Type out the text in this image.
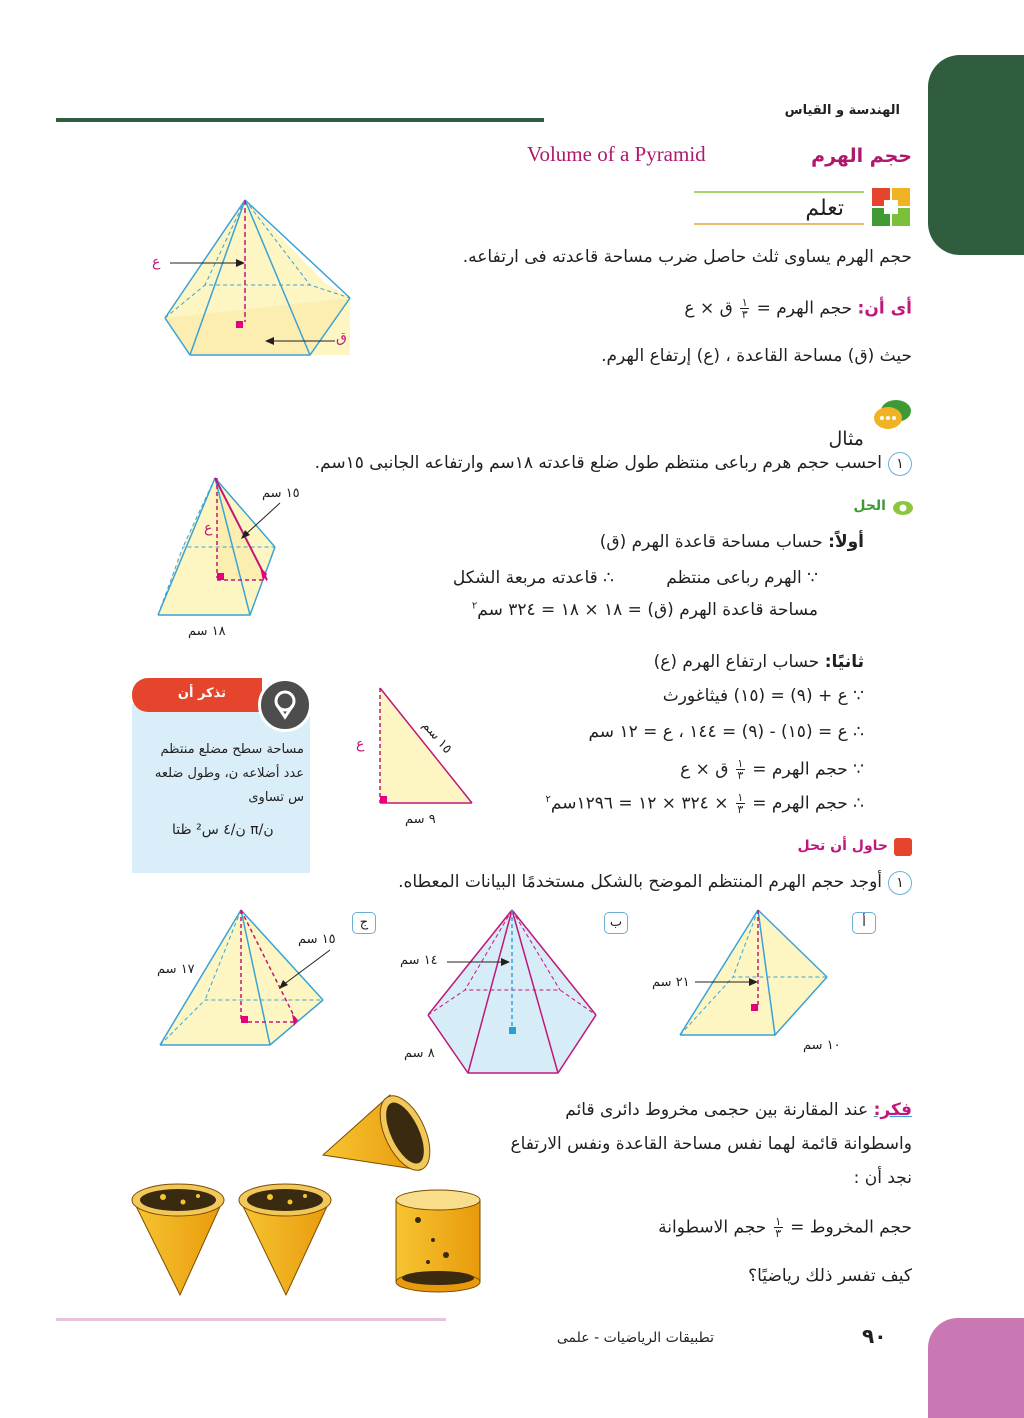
الهندسة و القياس
حجم الهرم
Volume of a Pyramid
تعلم
حجم الهرم يساوى ثلث حاصل ضرب مساحة قاعدته فى ارتفاعه.
أى أن: حجم الهرم =
$\frac{١}{٣}$
ق × ع
حيث (ق) مساحة القاعدة ، (ع) إرتفاع الهرم.
ع
ق
مثال
١
احسب حجم هرم رباعى منتظم طول ضلع قاعدته ١٨سم وارتفاعه الجانبى ١٥سم.
الحل
أولاً: حساب مساحة قاعدة الهرم (ق)
∵ الهرم رباعى منتظم
∴ قاعدته مربعة الشكل
مساحة قاعدة الهرم (ق) = ١٨ × ١٨ = ٣٢٤ سم$^٢$
ثانيًا: حساب ارتفاع الهرم (ع)
∵ ع + (٩) = (١٥) فيثاغورث
∴ ع = (١٥) - (٩) = ١٤٤ ، ع = ١٢ سم
∵ حجم الهرم =
$\frac{١}{٣}$
ق × ع
∴ حجم الهرم =
$\frac{١}{٣}$
× ٣٢٤ × ١٢ = ١٢٩٦سم$^٢$
١٥ سم
ع
١٨ سم
ع	١٥ سم
٩ سم
تذكر أن
مساحة سطح مضلع منتظم
عدد أضلاعه ن، وطول ضلعه
س تساوى
ن/٤ س² ظتا π/ن
حاول أن تحل
١
أوجد حجم الهرم المنتظم الموضح بالشكل مستخدمًا البيانات المعطاه.
أ
ب
ج
٢١ سم
١٠ سم
١٤ سم
٨ سم
١٥ سم
١٧ سم
فكر: عند المقارنة بين حجمى مخروط دائرى قائم
واسطوانة قائمة لهما نفس مساحة القاعدة ونفس الارتفاع
نجد أن :
حجم المخروط =
$\frac{١}{٣}$
حجم الاسطوانة
كيف تفسر ذلك رياضيًا؟
٩٠
تطبيقات الرياضيات - علمى
